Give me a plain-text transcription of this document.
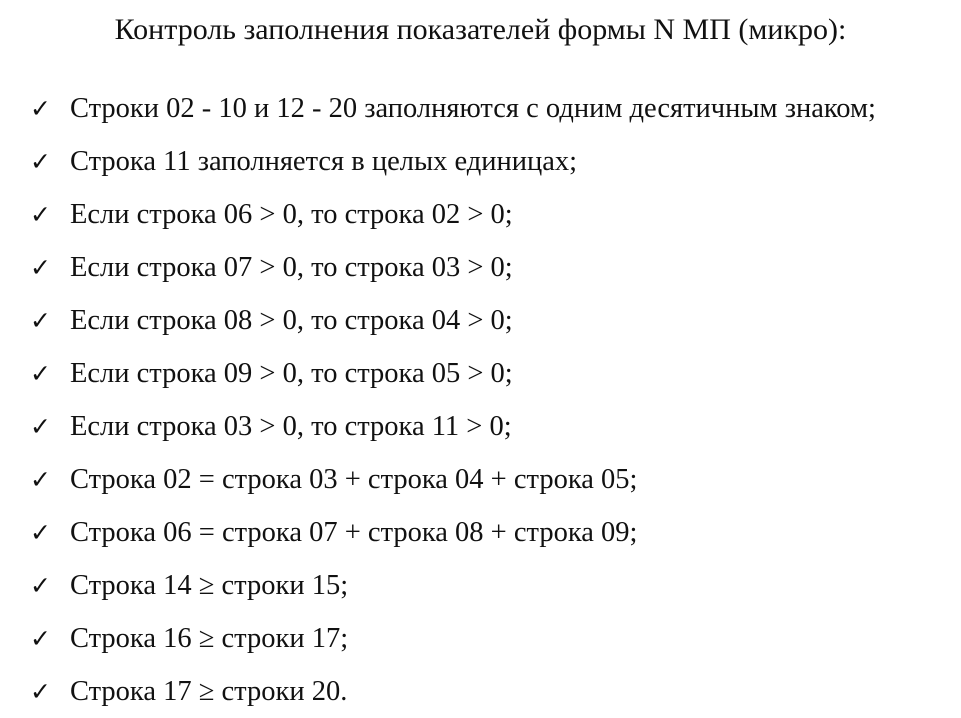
Контроль заполнения показателей формы N МП (микро):
✓ Строки 02 - 10 и 12 - 20 заполняются с одним десятичным знаком;
✓ Строка 11 заполняется в целых единицах;
✓ Если строка 06 > 0, то строка 02 > 0;
✓ Если строка 07 > 0, то строка 03 > 0;
✓ Если строка 08 > 0, то строка 04 > 0;
✓ Если строка 09 > 0, то строка 05 > 0;
✓ Если строка 03 > 0, то строка 11 > 0;
✓ Строка 02 = строка 03 + строка 04 + строка 05;
✓ Строка 06 = строка 07 + строка 08 + строка 09;
✓ Строка 14 ≥ строки 15;
✓ Строка 16 ≥ строки 17;
✓ Строка 17 ≥ строки 20.
